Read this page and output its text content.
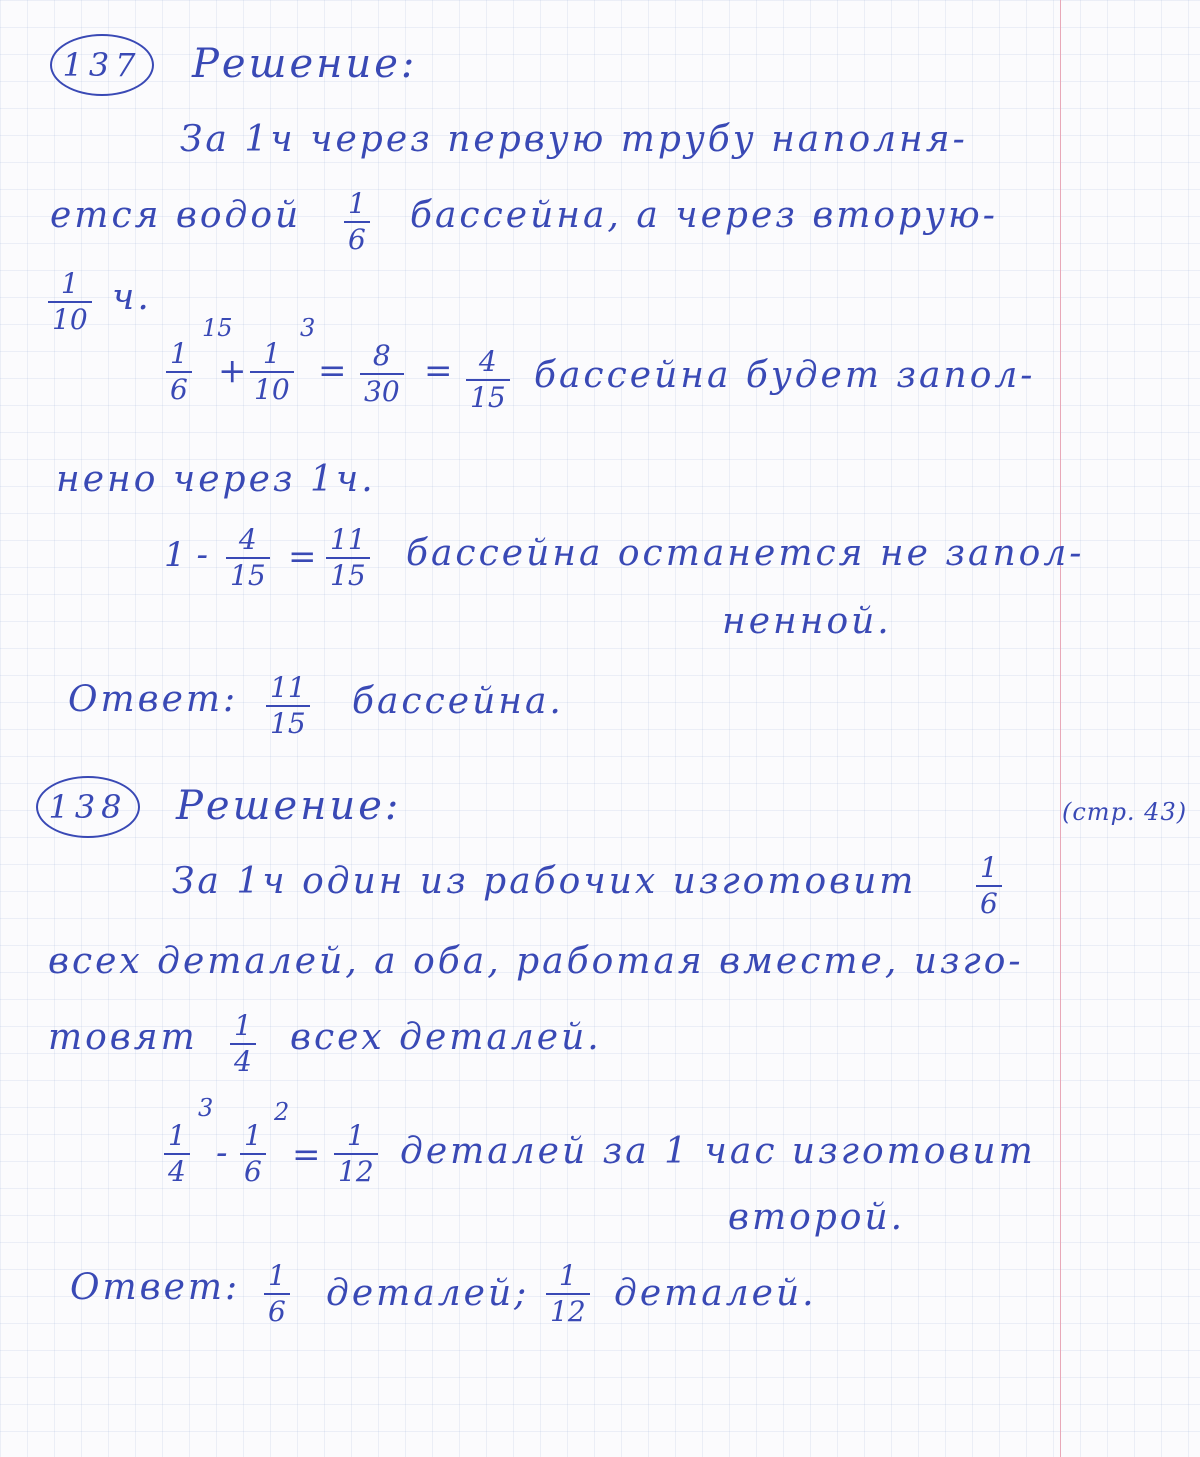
137	Решение:
За 1ч через первую трубу наполня-
ется водой 1
6
бассейна, а через вторую-
1
10
ч.
1
6
15
+ 1
10
3
= 8
30
= 4
15
бассейна будет запол-
нено через 1ч.
1 - 4
15 = 11
15
бассейна останется не запол-
ненной.
Ответ: 11
15
бассейна.
138	Решение:	(стр. 43)
За 1ч один из рабочих изготовит 1
6
всех деталей, а оба, работая вместе, изго-
товят 1
4
всех деталей.
1
4
3
- 1
6
2
= 1
12 деталей за 1 час изготовит
второй.
Ответ: 1
6 деталей; 1
12 деталей.
